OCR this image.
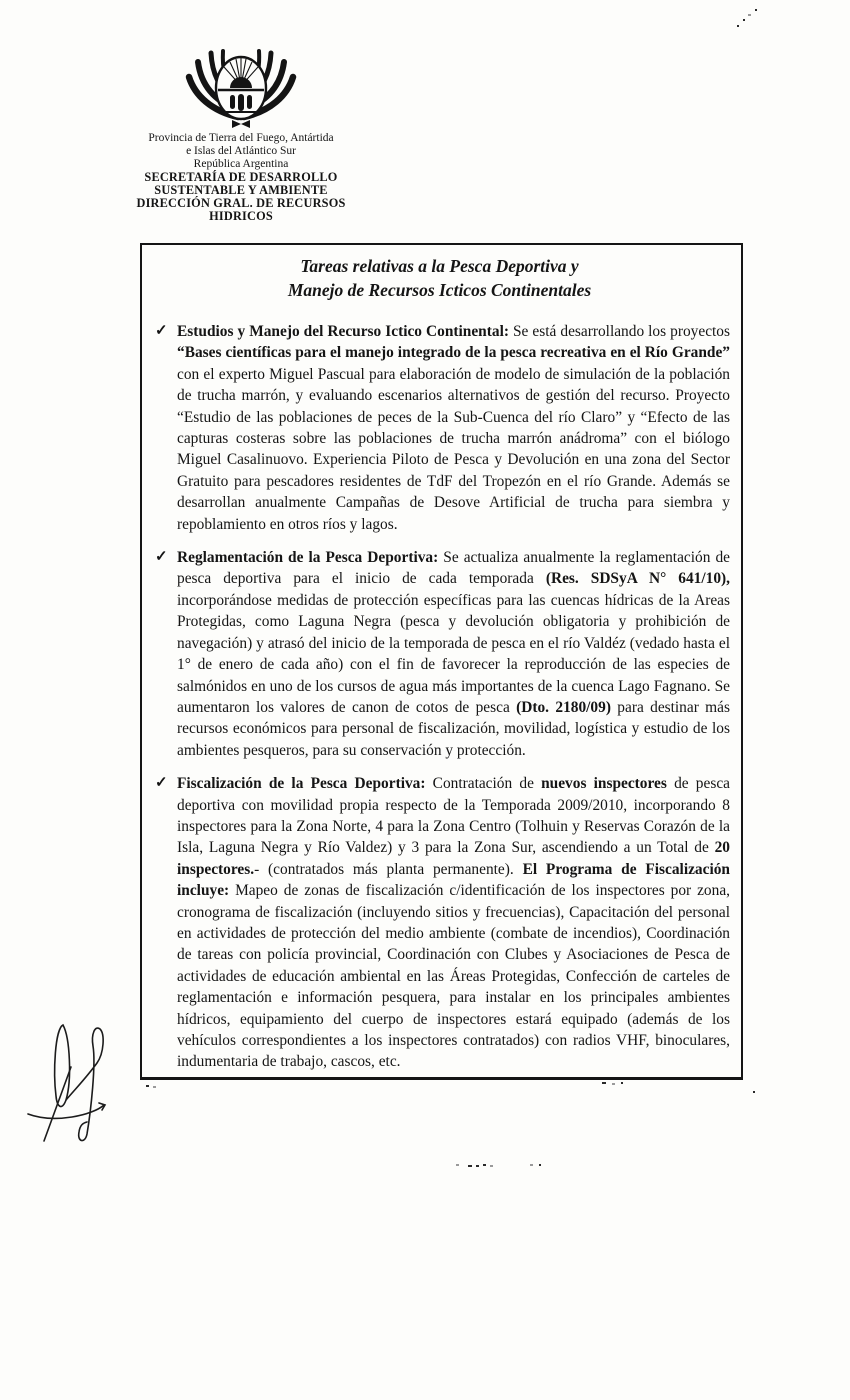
Provincia de Tierra del Fuego, Antártida
e Islas del Atlántico Sur
República Argentina
SECRETARÍA DE DESARROLLO
SUSTENTABLE Y AMBIENTE
DIRECCIÓN GRAL. DE RECURSOS
HIDRICOS
Tareas relativas a la Pesca Deportiva y
Manejo de Recursos Icticos Continentales
✓ Estudios y Manejo del Recurso Ictico Continental: Se está desarrollando los proyectos “Bases científicas para el manejo integrado de la pesca recreativa en el Río Grande” con el experto Miguel Pascual para elaboración de modelo de simulación de la población de trucha marrón, y evaluando escenarios alternativos de gestión del recurso. Proyecto “Estudio de las poblaciones de peces de la Sub-Cuenca del río Claro” y “Efecto de las capturas costeras sobre las poblaciones de trucha marrón anádroma” con el biólogo Miguel Casalinuovo. Experiencia Piloto de Pesca y Devolución en una zona del Sector Gratuito para pescadores residentes de TdF del Tropezón en el río Grande. Además se desarrollan anualmente Campañas de Desove Artificial de trucha para siembra y repoblamiento en otros ríos y lagos.
✓ Reglamentación de la Pesca Deportiva: Se actualiza anualmente la reglamentación de pesca deportiva para el inicio de cada temporada (Res. SDSyA N° 641/10), incorporándose medidas de protección específicas para las cuencas hídricas de la Areas Protegidas, como Laguna Negra (pesca y devolución obligatoria y prohibición de navegación) y atrasó del inicio de la temporada de pesca en el río Valdéz (vedado hasta el 1° de enero de cada año) con el fin de favorecer la reproducción de las especies de salmónidos en uno de los cursos de agua más importantes de la cuenca Lago Fagnano. Se aumentaron los valores de canon de cotos de pesca (Dto. 2180/09) para destinar más recursos económicos para personal de fiscalización, movilidad, logística y estudio de los ambientes pesqueros, para su conservación y protección.
✓ Fiscalización de la Pesca Deportiva: Contratación de nuevos inspectores de pesca deportiva con movilidad propia respecto de la Temporada 2009/2010, incorporando 8 inspectores para la Zona Norte, 4 para la Zona Centro (Tolhuin y Reservas Corazón de la Isla, Laguna Negra y Río Valdez) y 3 para la Zona Sur, ascendiendo a un Total de 20 inspectores.- (contratados más planta permanente). El Programa de Fiscalización incluye: Mapeo de zonas de fiscalización c/identificación de los inspectores por zona, cronograma de fiscalización (incluyendo sitios y frecuencias), Capacitación del personal en actividades de protección del medio ambiente (combate de incendios), Coordinación de tareas con policía provincial, Coordinación con Clubes y Asociaciones de Pesca de actividades de educación ambiental en las Áreas Protegidas, Confección de carteles de reglamentación e información pesquera, para instalar en los principales ambientes hídricos, equipamiento del cuerpo de inspectores estará equipado (además de los vehículos correspondientes a los inspectores contratados) con radios VHF, binoculares, indumentaria de trabajo, cascos, etc.
